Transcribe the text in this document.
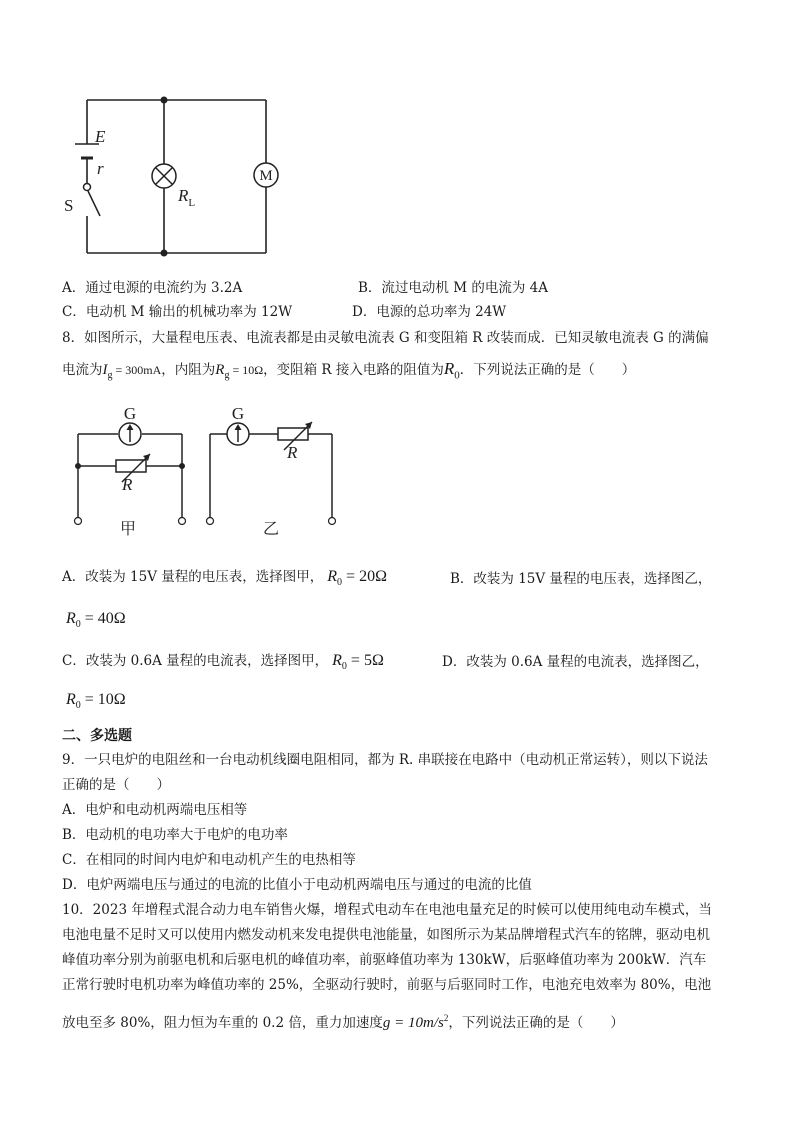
M
E
r
S
$R_L$
A．通过电源的电流约为 3.2A	B．流过电动机 M 的电流为 4A
C．电动机 M 输出的机械功率为 12W	D．电源的总功率为 24W
8．如图所示，大量程电压表、电流表都是由灵敏电流表 G 和变阻箱 R 改装而成．已知灵敏电流表 G 的满偏
电流为$I_g = 300mA$，内阻为$R_g = 10\Omega$，变阻箱 R 接入电路的阻值为$R_0$．下列说法正确的是（　　）
G
R
甲
G
R
乙
A．改装为 15V 量程的电压表，选择图甲， $R_0 = 20\Omega$	B．改装为 15V 量程的电压表，选择图乙，
$R_0 = 40\Omega$
C．改装为 0.6A 量程的电流表，选择图甲， $R_0 = 5\Omega$	D．改装为 0.6A 量程的电流表，选择图乙，
$R_0 = 10\Omega$
二、多选题
9．一只电炉的电阻丝和一台电动机线圈电阻相同，都为 R. 串联接在电路中（电动机正常运转），则以下说法
正确的是（　　）
A．电炉和电动机两端电压相等
B．电动机的电功率大于电炉的电功率
C．在相同的时间内电炉和电动机产生的电热相等
D．电炉两端电压与通过的电流的比值小于电动机两端电压与通过的电流的比值
10．2023 年增程式混合动力电车销售火爆，增程式电动车在电池电量充足的时候可以使用纯电动车模式，当
电池电量不足时又可以使用内燃发动机来发电提供电池能量，如图所示为某品牌增程式汽车的铭牌，驱动电机
峰值功率分别为前驱电机和后驱电机的峰值功率，前驱峰值功率为 130kW，后驱峰值功率为 200kW．汽车
正常行驶时电机功率为峰值功率的 25%，全驱动行驶时，前驱与后驱同时工作，电池充电效率为 80%，电池
放电至多 80%，阻力恒为车重的 0.2 倍，重力加速度$g = 10m/s^2$，下列说法正确的是（　　）
